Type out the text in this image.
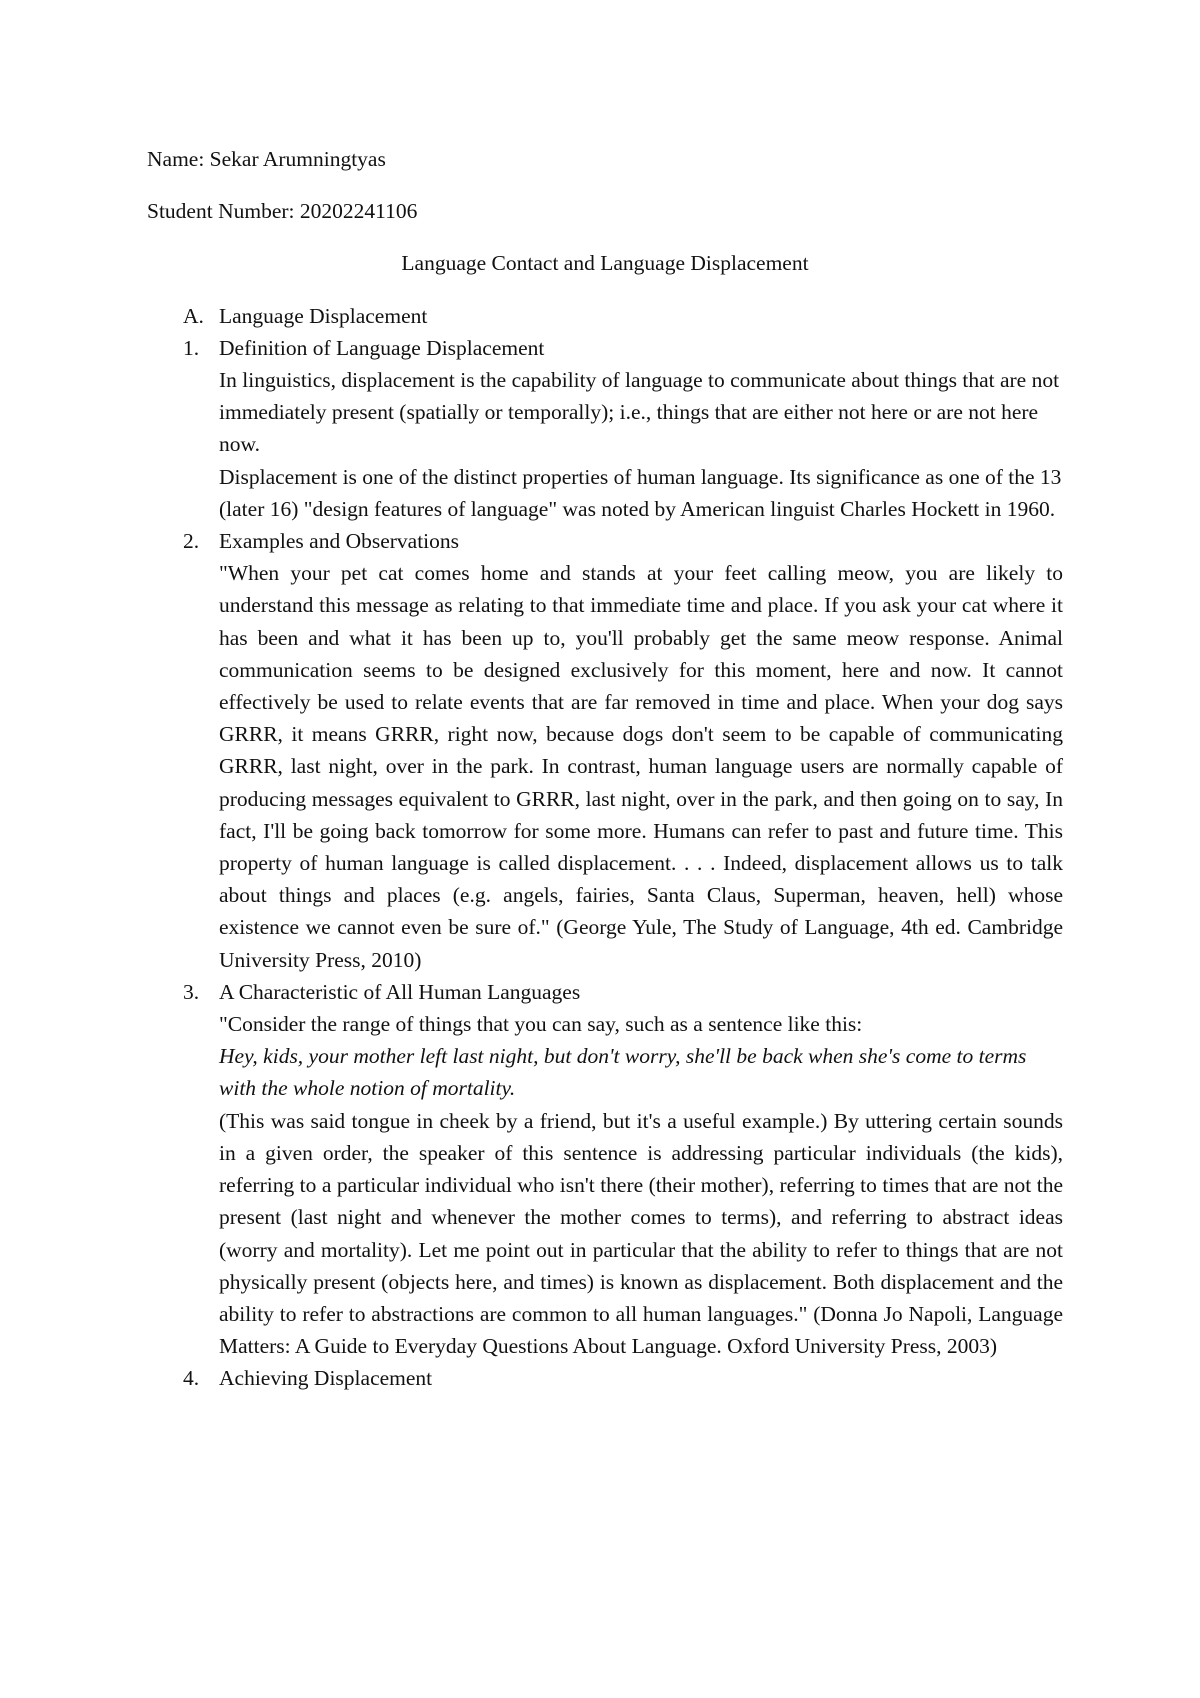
Name: Sekar Arumningtyas

Student Number: 20202241106

Language Contact and Language Displacement

A. Language Displacement

1. Definition of Language Displacement

In linguistics, displacement is the capability of language to communicate about things that are not immediately present (spatially or temporally); i.e., things that are either not here or are not here now.

Displacement is one of the distinct properties of human language. Its significance as one of the 13 (later 16) "design features of language" was noted by American linguist Charles Hockett in 1960.

2. Examples and Observations

"When your pet cat comes home and stands at your feet calling meow, you are likely to understand this message as relating to that immediate time and place. If you ask your cat where it has been and what it has been up to, you'll probably get the same meow response. Animal communication seems to be designed exclusively for this moment, here and now. It cannot effectively be used to relate events that are far removed in time and place. When your dog says GRRR, it means GRRR, right now, because dogs don't seem to be capable of communicating GRRR, last night, over in the park. In contrast, human language users are normally capable of producing messages equivalent to GRRR, last night, over in the park, and then going on to say, In fact, I'll be going back tomorrow for some more. Humans can refer to past and future time. This property of human language is called displacement. . . . Indeed, displacement allows us to talk about things and places (e.g. angels, fairies, Santa Claus, Superman, heaven, hell) whose existence we cannot even be sure of." (George Yule, The Study of Language, 4th ed. Cambridge University Press, 2010)

3. A Characteristic of All Human Languages

"Consider the range of things that you can say, such as a sentence like this:

Hey, kids, your mother left last night, but don't worry, she'll be back when she's come to terms with the whole notion of mortality.

(This was said tongue in cheek by a friend, but it's a useful example.) By uttering certain sounds in a given order, the speaker of this sentence is addressing particular individuals (the kids), referring to a particular individual who isn't there (their mother), referring to times that are not the present (last night and whenever the mother comes to terms), and referring to abstract ideas (worry and mortality). Let me point out in particular that the ability to refer to things that are not physically present (objects here, and times) is known as displacement. Both displacement and the ability to refer to abstractions are common to all human languages." (Donna Jo Napoli, Language Matters: A Guide to Everyday Questions About Language. Oxford University Press, 2003)

4. Achieving Displacement
